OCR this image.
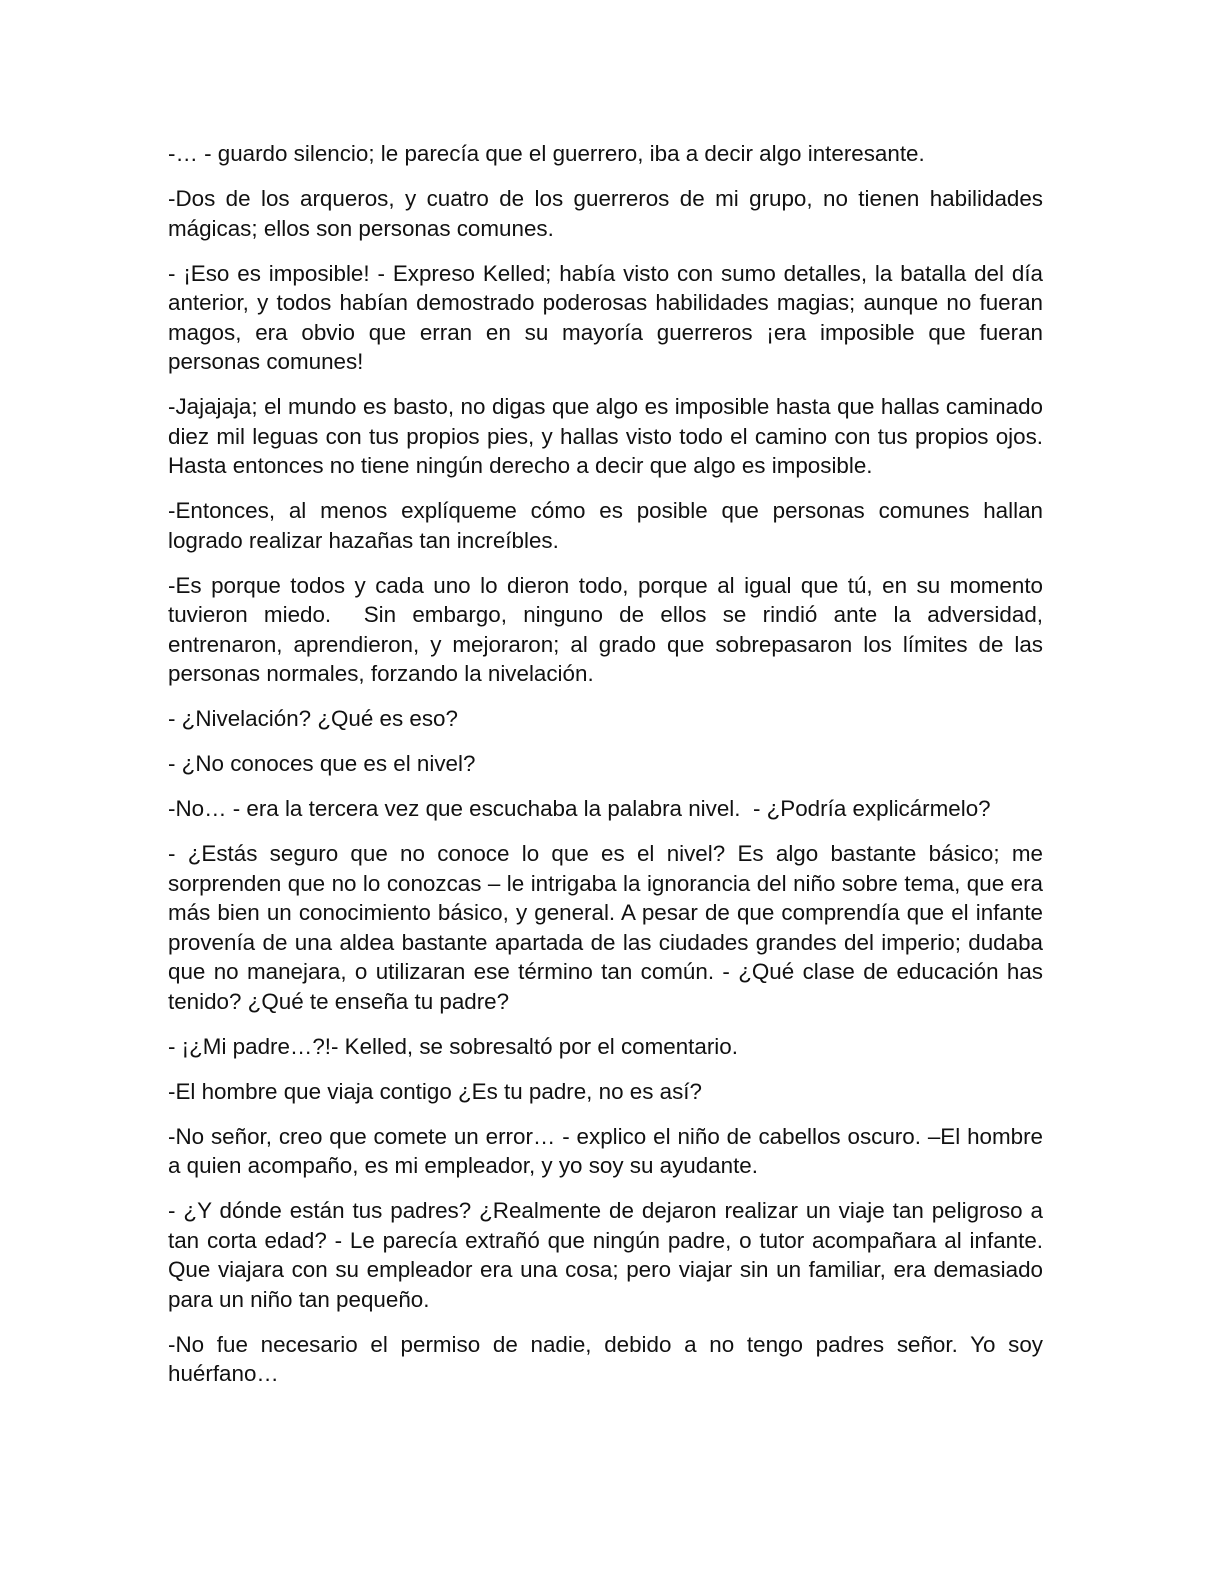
-… - guardo silencio; le parecía que el guerrero, iba a decir algo interesante.

-Dos de los arqueros, y cuatro de los guerreros de mi grupo, no tienen habilidades mágicas; ellos son personas comunes.

- ¡Eso es imposible! - Expreso Kelled; había visto con sumo detalles, la batalla del día anterior, y todos habían demostrado poderosas habilidades magias; aunque no fueran magos, era obvio que erran en su mayoría guerreros ¡era imposible que fueran personas comunes!

-Jajajaja; el mundo es basto, no digas que algo es imposible hasta que hallas caminado diez mil leguas con tus propios pies, y hallas visto todo el camino con tus propios ojos. Hasta entonces no tiene ningún derecho a decir que algo es imposible.

-Entonces, al menos explíqueme cómo es posible que personas comunes hallan logrado realizar hazañas tan increíbles.

-Es porque todos y cada uno lo dieron todo, porque al igual que tú, en su momento tuvieron miedo.  Sin embargo, ninguno de ellos se rindió ante la adversidad, entrenaron, aprendieron, y mejoraron; al grado que sobrepasaron los límites de las personas normales, forzando la nivelación.

- ¿Nivelación? ¿Qué es eso?

- ¿No conoces que es el nivel?

-No… - era la tercera vez que escuchaba la palabra nivel.  - ¿Podría explicármelo?

- ¿Estás seguro que no conoce lo que es el nivel? Es algo bastante básico; me sorprenden que no lo conozcas – le intrigaba la ignorancia del niño sobre tema, que era más bien un conocimiento básico, y general. A pesar de que comprendía que el infante provenía de una aldea bastante apartada de las ciudades grandes del imperio; dudaba que no manejara, o utilizaran ese término tan común. - ¿Qué clase de educación has tenido? ¿Qué te enseña tu padre?

- ¡¿Mi padre…?!- Kelled, se sobresaltó por el comentario.

-El hombre que viaja contigo ¿Es tu padre, no es así?

-No señor, creo que comete un error… - explico el niño de cabellos oscuro. –El hombre a quien acompaño, es mi empleador, y yo soy su ayudante.

- ¿Y dónde están tus padres? ¿Realmente de dejaron realizar un viaje tan peligroso a tan corta edad? - Le parecía extrañó que ningún padre, o tutor acompañara al infante.  Que viajara con su empleador era una cosa; pero viajar sin un familiar, era demasiado para un niño tan pequeño.

-No fue necesario el permiso de nadie, debido a no tengo padres señor. Yo soy huérfano…
